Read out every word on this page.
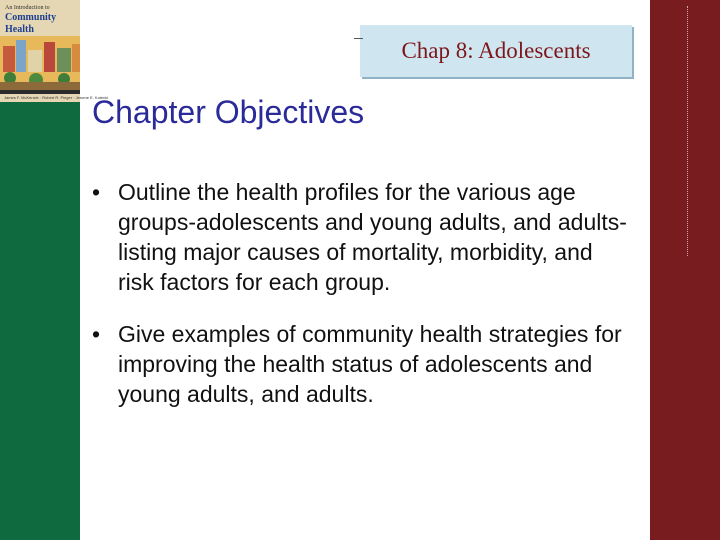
An Introduction to
Community
Health
James F. McKenzie · Robert R. Pinger · Jerome E. Kotecki
Chap 8: Adolescents
Chapter Objectives
• Outline the health profiles for the various age groups-adolescents and young adults, and adults-listing major causes of mortality, morbidity, and risk factors for each group.
• Give examples of community health strategies for improving the health status of adolescents and young adults, and adults.
